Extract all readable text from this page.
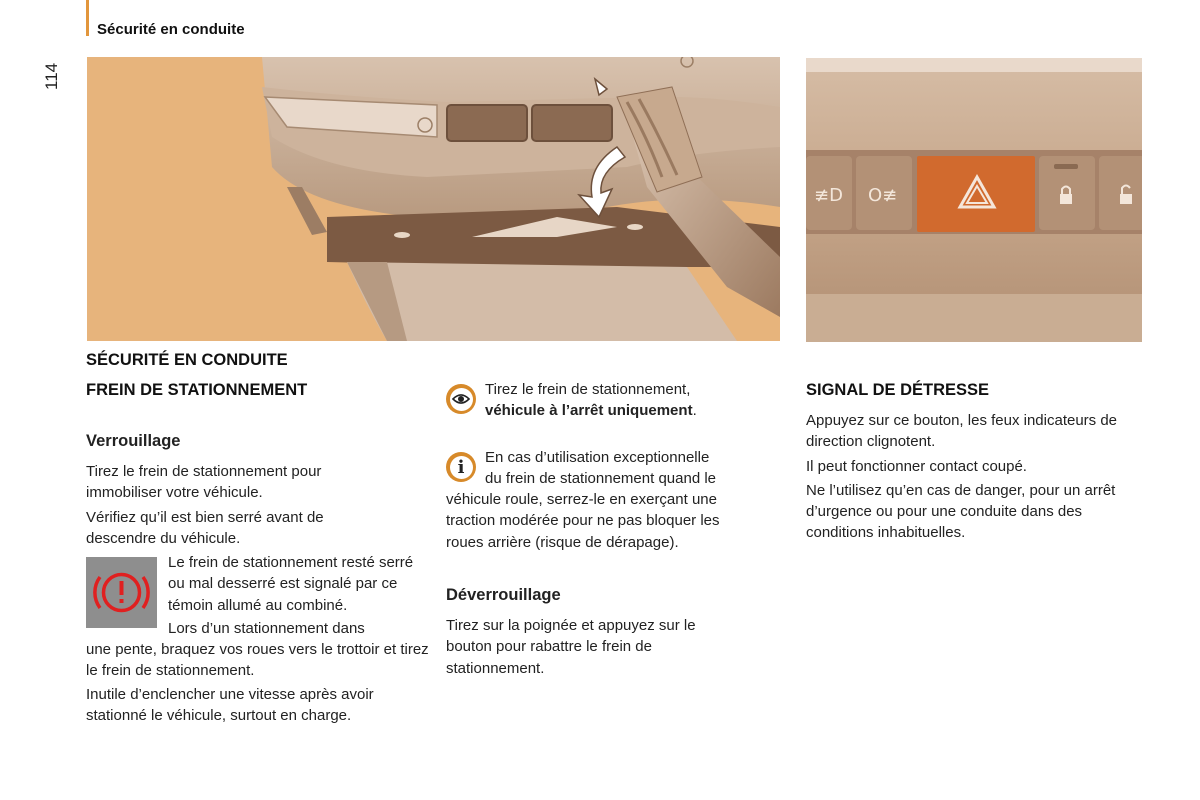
Sécurité en conduite
114
≢D O≢
SÉCURITÉ EN CONDUITE
FREIN DE STATIONNEMENT
Verrouillage

Tirez le frein de stationnement pour immobiliser votre véhicule.

Vérifiez qu’il est bien serré avant de descendre du véhicule.

Le frein de stationnement resté serré ou mal desserré est signalé par ce témoin allumé au combiné.
Lors d’un stationnement dans
une pente, braquez vos roues vers le trottoir et tirez le frein de stationnement.
Inutile d’enclencher une vitesse après avoir stationné le véhicule, surtout en charge.
Tirez le frein de stationnement,
véhicule à l’arrêt uniquement.
i	En cas d’utilisation exceptionnelle
du frein de stationnement quand le
véhicule roule, serrez-le en exerçant une traction modérée pour ne pas bloquer les roues arrière (risque de dérapage).
Déverrouillage
Tirez sur la poignée et appuyez sur le bouton pour rabattre le frein de stationnement.
SIGNAL DE DÉTRESSE

Appuyez sur ce bouton, les feux indicateurs de direction clignotent.

Il peut fonctionner contact coupé.

Ne l’utilisez qu’en cas de danger, pour un arrêt d’urgence ou pour une conduite dans des conditions inhabituelles.
